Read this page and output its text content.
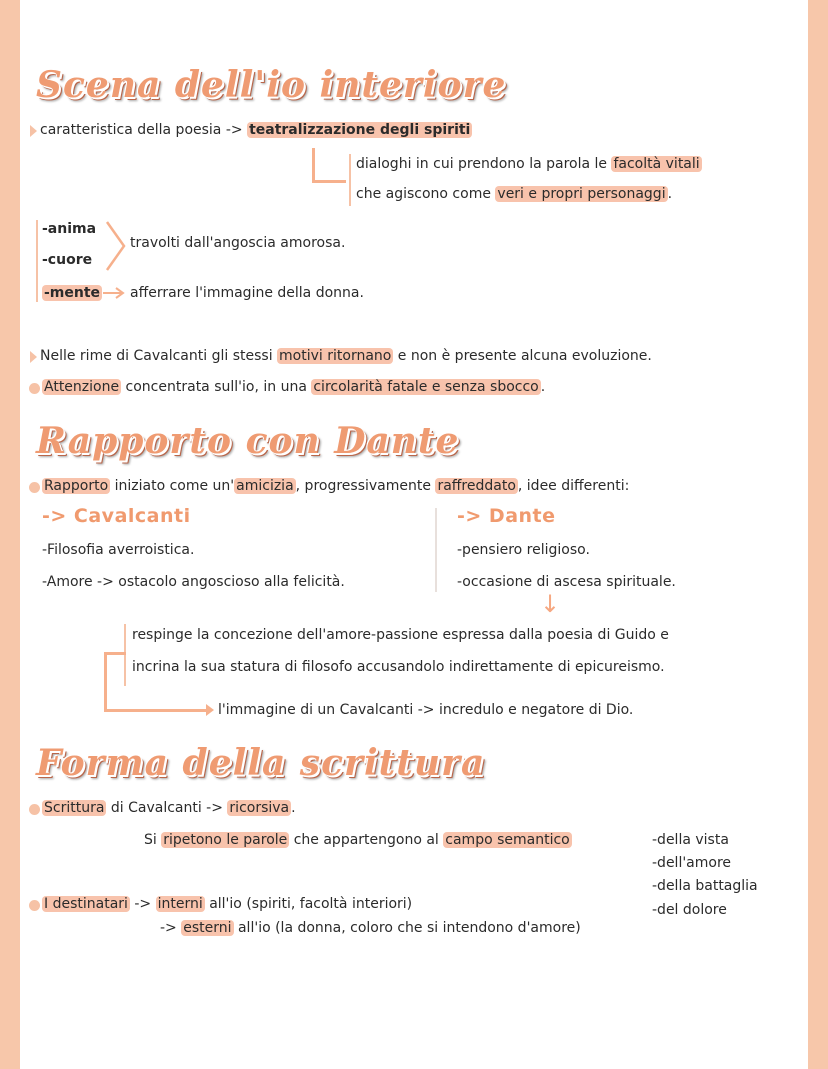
Scena dell'io interiore
caratteristica della poesia -> teatralizzazione degli spiriti
dialoghi in cui prendono la parola le facoltà vitali
che agiscono come veri e propri personaggi .
-anima
-cuore
travolti dall'angoscia amorosa.
-mente afferrare l'immagine della donna.
Nelle rime di Cavalcanti gli stessi motivi ritornano e non è presente alcuna evoluzione.
Attenzione concentrata sull'io, in una circolarità fatale e senza sbocco .
Rapporto con Dante
Rapporto iniziato come un' amicizia , progressivamente raffreddato , idee differenti:
-> Cavalcanti
-Filosofia averroistica.
-Amore -> ostacolo angoscioso alla felicità.
-> Dante
-pensiero religioso.
-occasione di ascesa spirituale.
↓
respinge la concezione dell'amore-passione espressa dalla poesia di Guido e
incrina la sua statura di filosofo accusandolo indirettamente di epicureismo.
l'immagine di un Cavalcanti -> incredulo e negatore di Dio.
Forma della scrittura
Scrittura di Cavalcanti -> ricorsiva .
Si ripetono le parole che appartengono al campo semantico	-della vista
-dell'amore
-della battaglia
-del dolore
I destinatari -> interni all'io (spiriti, facoltà interiori)
-> esterni all'io (la donna, coloro che si intendono d'amore)
